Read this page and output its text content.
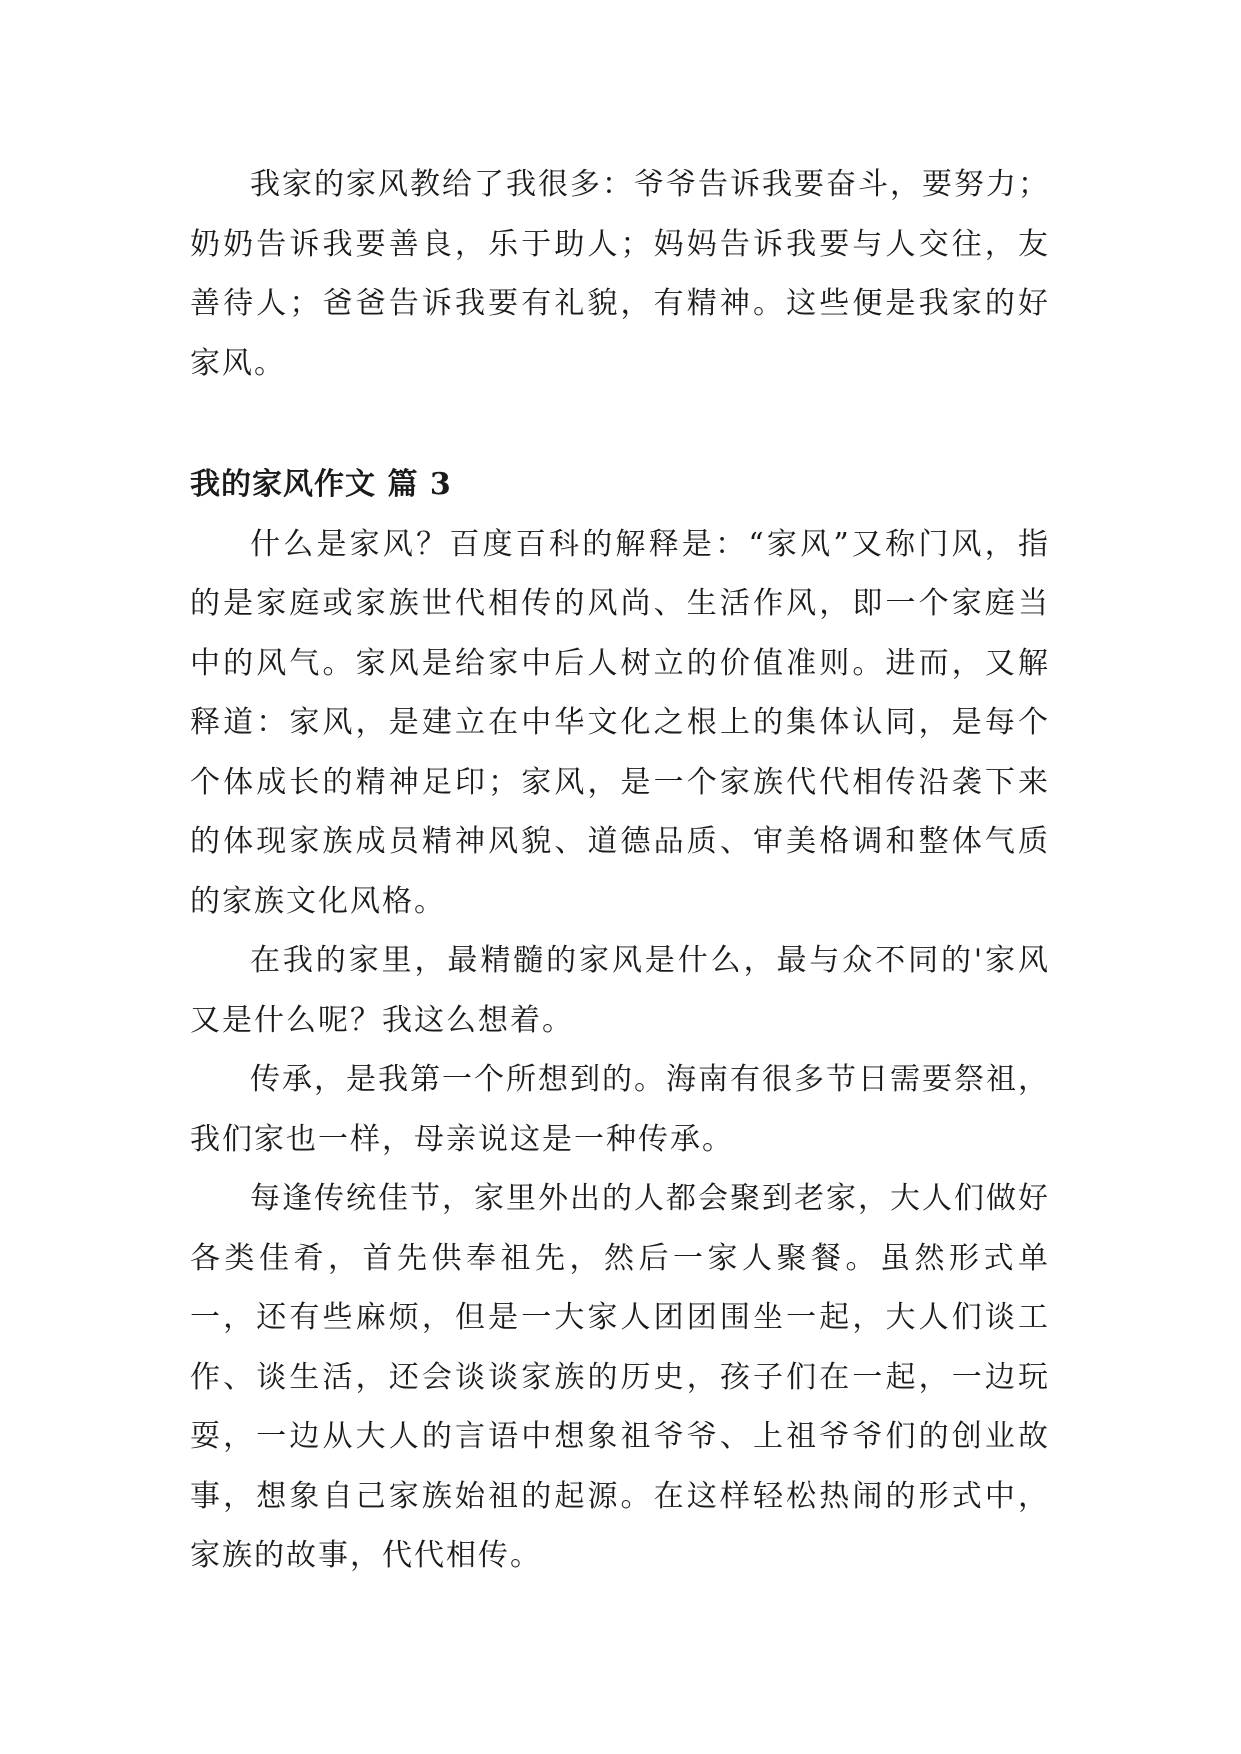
我家的家风教给了我很多：爷爷告诉我要奋斗，要努力；奶奶告诉我要善良，乐于助人；妈妈告诉我要与人交往，友善待人；爸爸告诉我要有礼貌，有精神。这些便是我家的好家风。

我的家风作文 篇 3

什么是家风？百度百科的解释是：“家风”又称门风，指的是家庭或家族世代相传的风尚、生活作风，即一个家庭当中的风气。家风是给家中后人树立的价值准则。进而，又解释道：家风，是建立在中华文化之根上的集体认同，是每个个体成长的精神足印；家风，是一个家族代代相传沿袭下来的体现家族成员精神风貌、道德品质、审美格调和整体气质的家族文化风格。

在我的家里，最精髓的家风是什么，最与众不同的'家风又是什么呢？我这么想着。

传承，是我第一个所想到的。海南有很多节日需要祭祖，我们家也一样，母亲说这是一种传承。

每逢传统佳节，家里外出的人都会聚到老家，大人们做好各类佳肴，首先供奉祖先，然后一家人聚餐。虽然形式单一，还有些麻烦，但是一大家人团团围坐一起，大人们谈工作、谈生活，还会谈谈家族的历史，孩子们在一起，一边玩耍，一边从大人的言语中想象祖爷爷、上祖爷爷们的创业故事，想象自己家族始祖的起源。在这样轻松热闹的形式中，家族的故事，代代相传。
